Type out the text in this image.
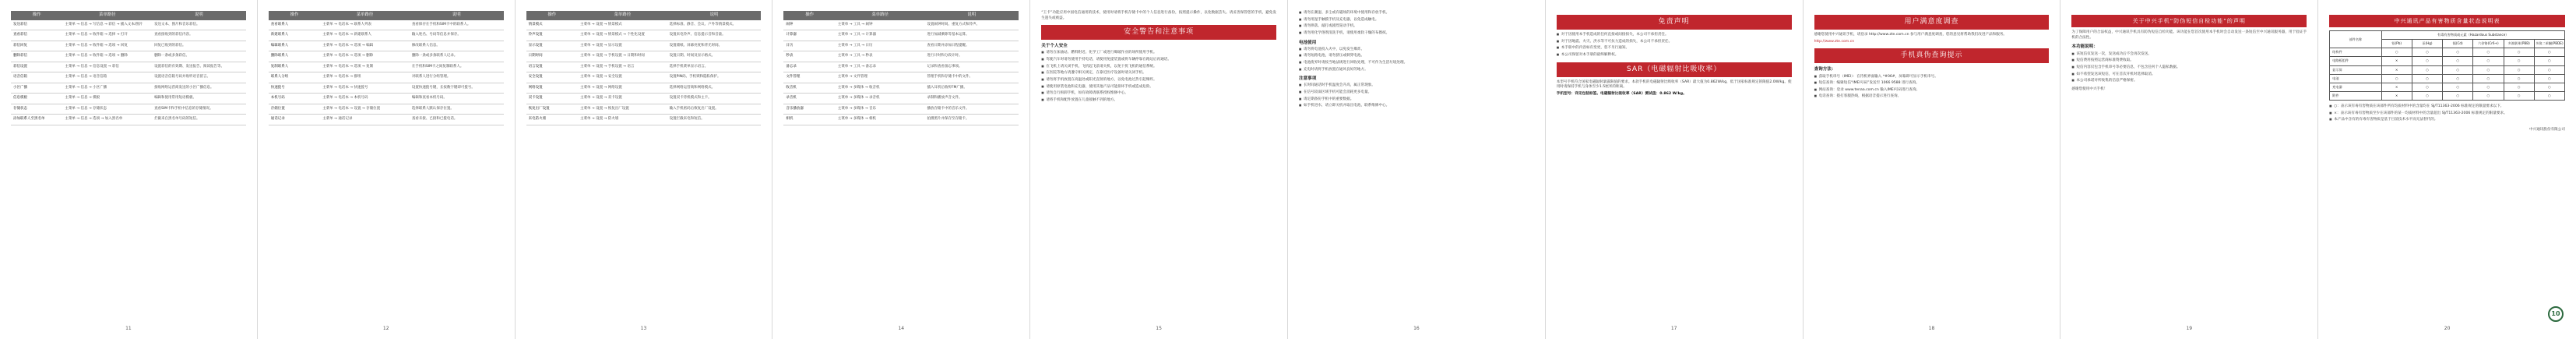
操作	菜单路径	说明
发送彩信	主菜单 → 信息 → 写信息 → 彩信 → 插入文本/图片	发送文本、图片和音乐彩信。
查看彩信	主菜单 → 信息 → 收件箱 → 选择 → 打开	查看接收到的彩信内容。
彩信回复	主菜单 → 信息 → 收件箱 → 选项 → 回复	回复已收到的彩信。
删除彩信	主菜单 → 信息 → 收件箱 → 选项 → 删除	删除一条或多条彩信。
彩信设置	主菜单 → 信息 → 信息设置 → 彩信	设置彩信的有效期、发送报告、阅读报告等。
语音信箱	主菜单 → 信息 → 语音信箱	设置语音信箱号码并收听语音留言。
小区广播	主菜单 → 信息 → 小区广播	接收网络运营商发送的小区广播信息。
信息模板	主菜单 → 信息 → 模板	编辑和使用常用短语模板。
存储状态	主菜单 → 信息 → 存储状态	查看SIM卡和手机中信息的存储情况。
添加联系人至黑名单	主菜单 → 信息 → 选项 → 加入黑名单	拦截来自黑名单号码的短信。
11
操作	菜单路径	说明
查看联系人	主菜单 → 电话本 → 联系人列表	查看保存在手机和SIM卡中的联系人。
新建联系人	主菜单 → 电话本 → 新建联系人	输入姓名、号码等信息并保存。
编辑联系人	主菜单 → 电话本 → 选项 → 编辑	修改联系人信息。
删除联系人	主菜单 → 电话本 → 选项 → 删除	删除一条或多条联系人记录。
复制联系人	主菜单 → 电话本 → 选项 → 复制	在手机和SIM卡之间复制联系人。
联系人分组	主菜单 → 电话本 → 群组	对联系人进行分组管理。
快速拨号	主菜单 → 电话本 → 快速拨号	设置快速拨号键，长按数字键即可拨号。
本机号码	主菜单 → 电话本 → 本机号码	编辑和查看本机号码。
存储位置	主菜单 → 电话本 → 设置 → 存储位置	选择联系人默认保存位置。
通话记录	主菜单 → 通话记录	查看未接、已接和已拨电话。
12
操作	菜单路径	说明
情景模式	主菜单 → 设置 → 情景模式	选择标准、静音、会议、户外等情景模式。
铃声设置	主菜单 → 设置 → 情景模式 → 个性化设置	设置来电铃声、信息提示音和音量。
显示设置	主菜单 → 设置 → 显示设置	设置墙纸、屏幕亮度和背光时间。
日期时间	主菜单 → 设置 → 手机设置 → 日期和时间	设置日期、时间及显示格式。
语言设置	主菜单 → 设置 → 手机设置 → 语言	选择手机菜单显示语言。
安全设置	主菜单 → 设置 → 安全设置	设置PIN码、手机锁和隐私保护。
网络设置	主菜单 → 设置 → 网络设置	选择网络运营商和网络模式。
双卡设置	主菜单 → 设置 → 双卡设置	设置双卡待机模式和主卡。
恢复出厂设置	主菜单 → 设置 → 恢复出厂设置	输入手机密码后恢复出厂设置。
来电防火墙	主菜单 → 设置 → 防火墙	设置拦截来电和短信。
13
操作	菜单路径	说明
闹钟	主菜单 → 工具 → 闹钟	设置闹钟时间、重复方式和铃声。
计算器	主菜单 → 工具 → 计算器	进行加减乘除等基本运算。
日历	主菜单 → 工具 → 日历	查看日期并添加日程提醒。
秒表	主菜单 → 工具 → 秒表	进行计时和分段计时。
备忘录	主菜单 → 工具 → 备忘录	记录和查看备忘事项。
文件管理	主菜单 → 文件管理	管理手机和存储卡中的文件。
收音机	主菜单 → 多媒体 → 收音机	插入耳机后收听FM广播。
录音机	主菜单 → 多媒体 → 录音机	录制和播放声音文件。
音乐播放器	主菜单 → 多媒体 → 音乐	播放存储卡中的音乐文件。
相机	主菜单 → 多媒体 → 相机	拍摄照片并保存至存储卡。
14

“王卡”功能应用中国电信通用的技术，使用时请将手机存储卡中的个人信息进行备份，按照提示操作，以免数据丢失。请妥善保管您的手机，避免发生遗失或被盗。

安全警告和注意事项
关于个人安全
■ 请勿在加油站、燃料附近、化学工厂或进行爆破作业的场所使用手机。
■ 驾驶汽车时请勿使用手持电话，请使用免提装置或将车辆停靠在路边后再通话。
■ 在飞机上请关闭手机，飞机起飞前请关机，以免干扰飞机的通信系统。
■ 在医院等地方请遵守相关规定，在靠近医疗设备时请关闭手机。
■ 请勿将手机放置在高温处或阳光直射的地方，以免电池过热引起爆炸。
■ 请使用原装电池和充电器，使用其他产品可能损坏手机或造成危险。
■ 请勿自行拆卸手机，如有故障请联系授权维修中心。
■ 请将手机和配件放置在儿童接触不到的地方。
15
■ 请勿在潮湿、多尘或有磁场的环境中使用和存放手机。
■ 请勿用湿手触摸手机及充电器，以免造成触电。
■ 请勿摔落、敲打或剧烈晃动手机。
■ 请勿用化学溶剂清洗手机，请使用柔软干燥的布擦拭。
电池使用
■ 请勿将电池投入火中，以免发生爆炸。
■ 请勿短路电池，请勿挤压或刺穿电池。
■ 电池废弃时请按当地法规进行回收处理，不可作为生活垃圾处理。
■ 充电时请将手机放置在通风良好的地方。
注意事项
■ 长时间通话时手机温度会升高，属正常现象。
■ 在信号较弱区域手机可能会消耗更多电量。
■ 请定期备份手机中的重要数据。
■ 如手机进水，请立即关机并取出电池，联系维修中心。
16
免责声明
■ 对于因使用本手机造成的任何直接或间接损失，本公司不承担责任。
■ 对于因地震、火灾、洪水等不可抗力造成的损失，本公司不承担责任。
■ 本手册中的内容如有变更，恕不另行通知。
■ 本公司保留对本手册的最终解释权。
SAR（电磁辐射比吸收率）

本型号手机符合国家电磁辐射暴露限值的要求。本款手机的电磁辐射比吸收率（SAR）最大值为0.862W/kg，低于国家标准规定的限值2.0W/kg。使用时请保持手机与身体至少1.5厘米的距离。

手机型号：详见包装标签。电磁辐射比吸收率（SAR）测试值：0.862 W/kg。

17
用户满意度调查

感谢您使用中兴通讯手机，请登录 http://www.zte.com.cn 参与用户满意度调查，您的意见将帮助我们改进产品和服务。

http://www.zte.com.cn

手机真伪查询提示
查询方法：
■ 获取手机串号（IMEI）：在待机界面输入 *#06#，屏幕即可显示手机串号。
■ 短信查询：编辑短信“IMEI号码”发送至 1066 9588 进行查询。
■ 网站查询：登录 www.tenaa.com.cn 输入IMEI号码进行查询。
■ 电话查询：拨打客服热线，根据语音提示进行查询。
18
关于中兴手机“防伪短信自检功能”的声明

为了保障用户的合法权益，中兴通讯手机具有防伪短信自检功能。该功能在您首次使用本手机时会自动发送一条短信至中兴通讯服务器，用于验证手机的合法性。

本功能说明：
■ 该短信仅发送一次，发送成功后不会再次发送。
■ 短信费用按照运营商标准资费收取。
■ 短信内容仅包含手机串号等必要信息，不包含任何个人隐私数据。
■ 如不希望发送该短信，可在首次开机时选择取消。
■ 本公司承诺对所收集的信息严格保密。

感谢您使用中兴手机！

19
中兴通讯产品有害物质含量状态说明表
部件名称	有毒有害物质或元素（Hazardous Substance）					
	铅(Pb)	汞(Hg)	镉(Cd)	六价铬(Cr6+)	多溴联苯(PBB)	多溴二苯醚(PBDE)
结构件	○	○	○	○	○	○
电路板组件	×	○	○	○	○	○
显示屏	×	○	○	○	○	○
电池	○	○	○	○	○	○
充电器	×	○	○	○	○	○
附件	×	○	○	○	○	○
■ ○：表示该有毒有害物质在该部件所有均质材料中的含量均在 SJ/T11363-2006 标准规定的限量要求以下。
■ ×：表示该有毒有害物质至少在该部件的某一均质材料中的含量超出 SJ/T11363-2006 标准规定的限量要求。
■ 本产品中含有的有毒有害物质是基于目前技术水平而无法替代的。
中兴通讯股份有限公司
10
20
